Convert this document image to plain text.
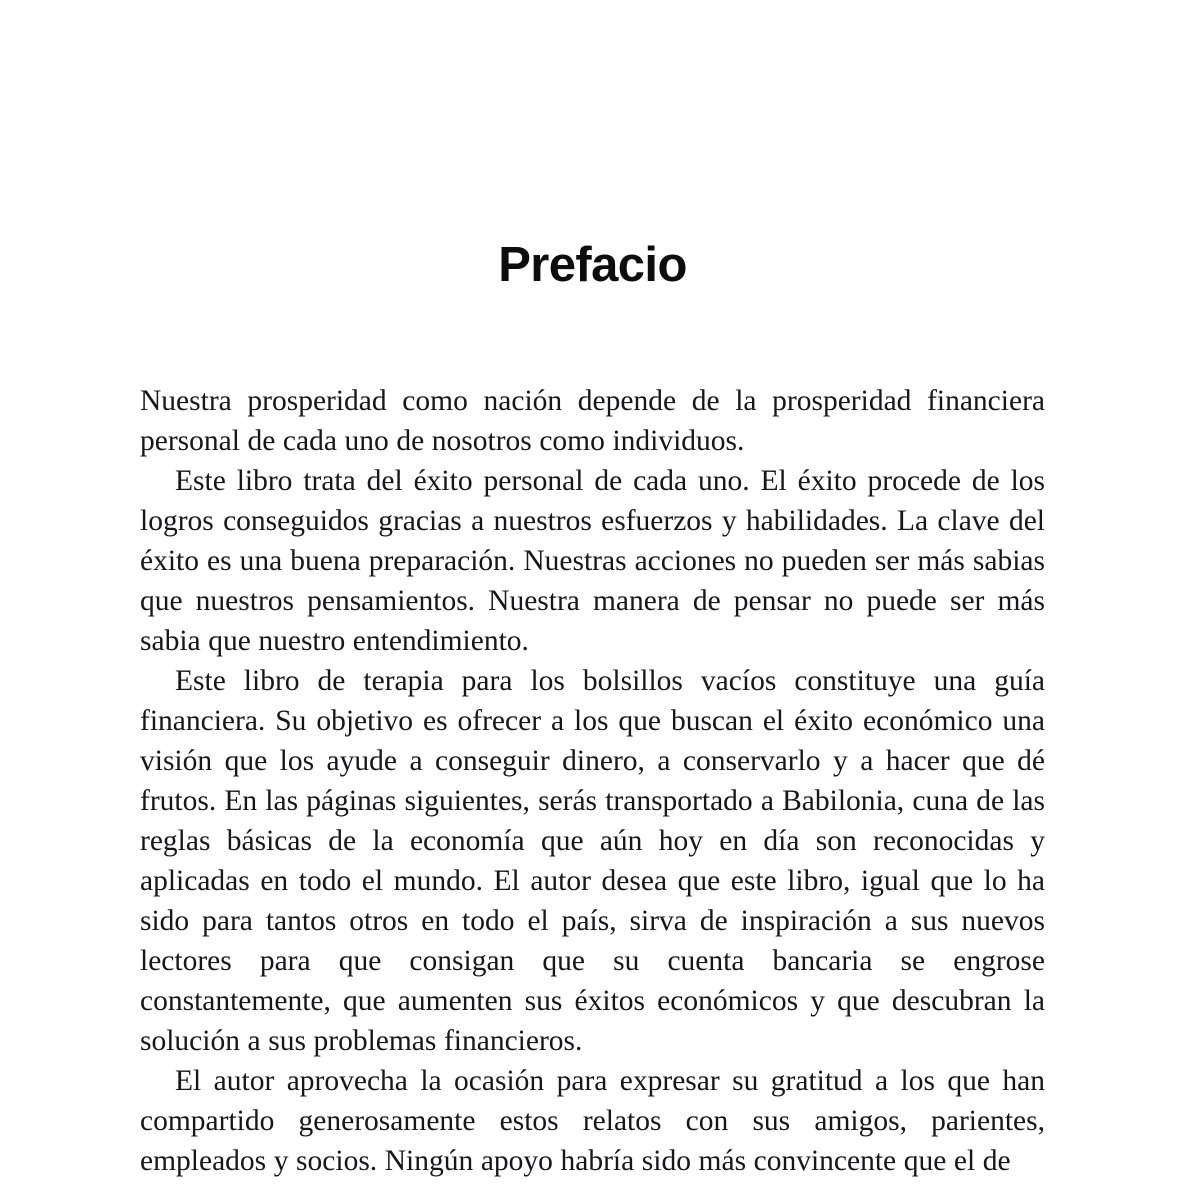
Prefacio

Nuestra prosperidad como nación depende de la prosperidad financiera personal de cada uno de nosotros como individuos.

Este libro trata del éxito personal de cada uno. El éxito procede de los logros conseguidos gracias a nuestros esfuerzos y habilidades. La clave del éxito es una buena preparación. Nuestras acciones no pueden ser más sabias que nuestros pensamientos. Nuestra manera de pensar no puede ser más sabia que nuestro entendimiento.

Este libro de terapia para los bolsillos vacíos constituye una guía financiera. Su objetivo es ofrecer a los que buscan el éxito económico una visión que los ayude a conseguir dinero, a conservarlo y a hacer que dé frutos. En las páginas siguientes, serás transportado a Babilonia, cuna de las reglas básicas de la economía que aún hoy en día son reconocidas y aplicadas en todo el mundo. El autor desea que este libro, igual que lo ha sido para tantos otros en todo el país, sirva de inspiración a sus nuevos lectores para que consigan que su cuenta bancaria se engrose constantemente, que aumenten sus éxitos económicos y que descubran la solución a sus problemas financieros.

El autor aprovecha la ocasión para expresar su gratitud a los que han compartido generosamente estos relatos con sus amigos, parientes, empleados y socios. Ningún apoyo habría sido más convincente que el de
